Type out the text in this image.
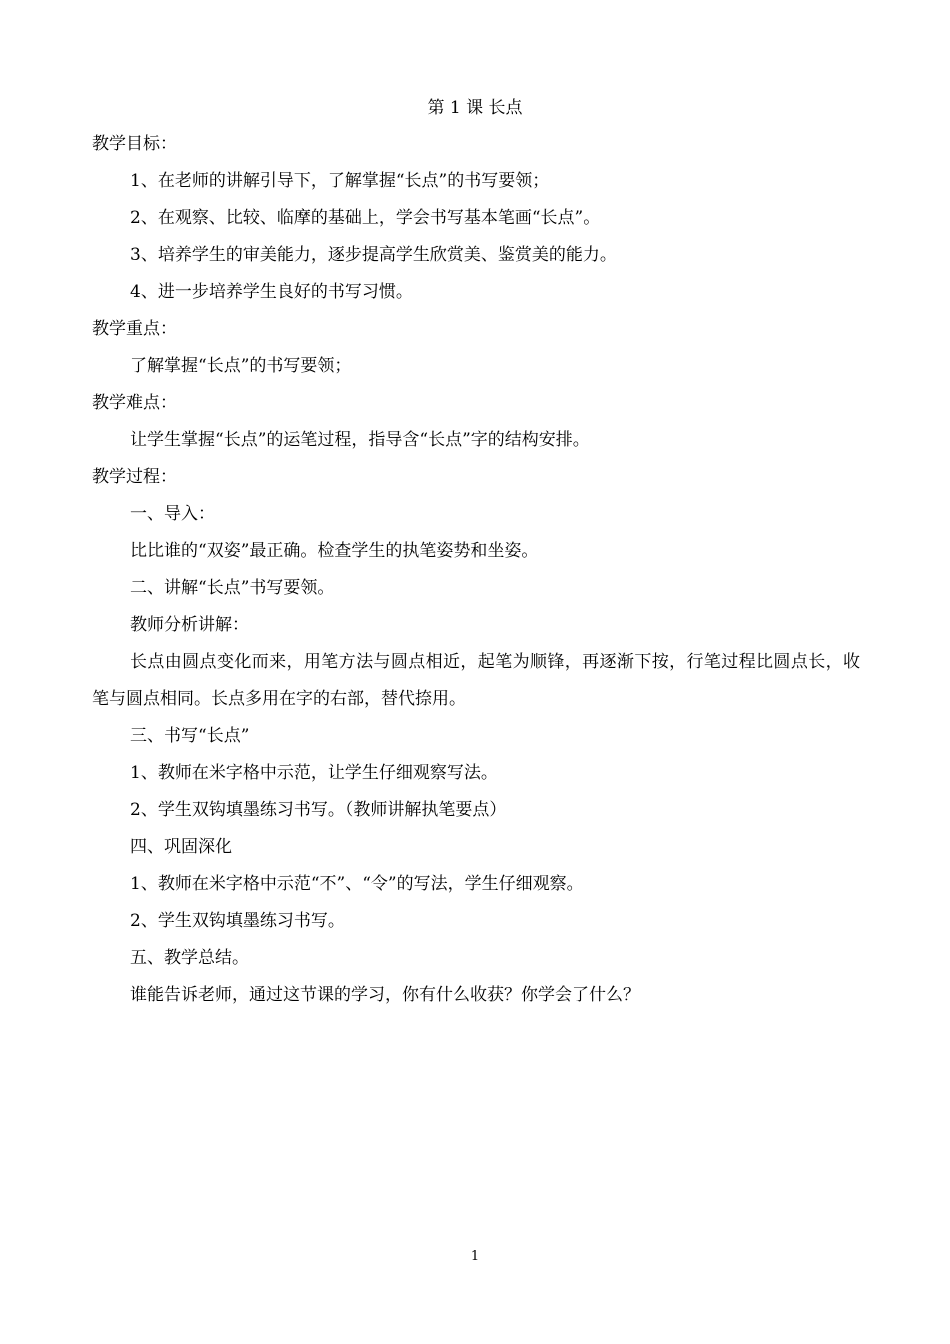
第 1 课 长点
教学目标：
1、在老师的讲解引导下，了解掌握“长点”的书写要领；
2、在观察、比较、临摩的基础上，学会书写基本笔画“长点”。
3、培养学生的审美能力，逐步提高学生欣赏美、鉴赏美的能力。
4、进一步培养学生良好的书写习惯。
教学重点：
了解掌握“长点”的书写要领；
教学难点：
让学生掌握“长点”的运笔过程，指导含“长点”字的结构安排。
教学过程：
一、导入：
比比谁的“双姿”最正确。检查学生的执笔姿势和坐姿。
二、讲解“长点”书写要领。
教师分析讲解：
长点由圆点变化而来，用笔方法与圆点相近，起笔为顺锋，再逐渐下按，行笔过程比圆点长，收笔与圆点相同。长点多用在字的右部，替代捺用。
三、书写“长点”
1、教师在米字格中示范，让学生仔细观察写法。
2、学生双钩填墨练习书写。（教师讲解执笔要点）
四、巩固深化
1、教师在米字格中示范“不”、“令”的写法，学生仔细观察。
2、学生双钩填墨练习书写。
五、教学总结。
谁能告诉老师，通过这节课的学习，你有什么收获？你学会了什么？
1
